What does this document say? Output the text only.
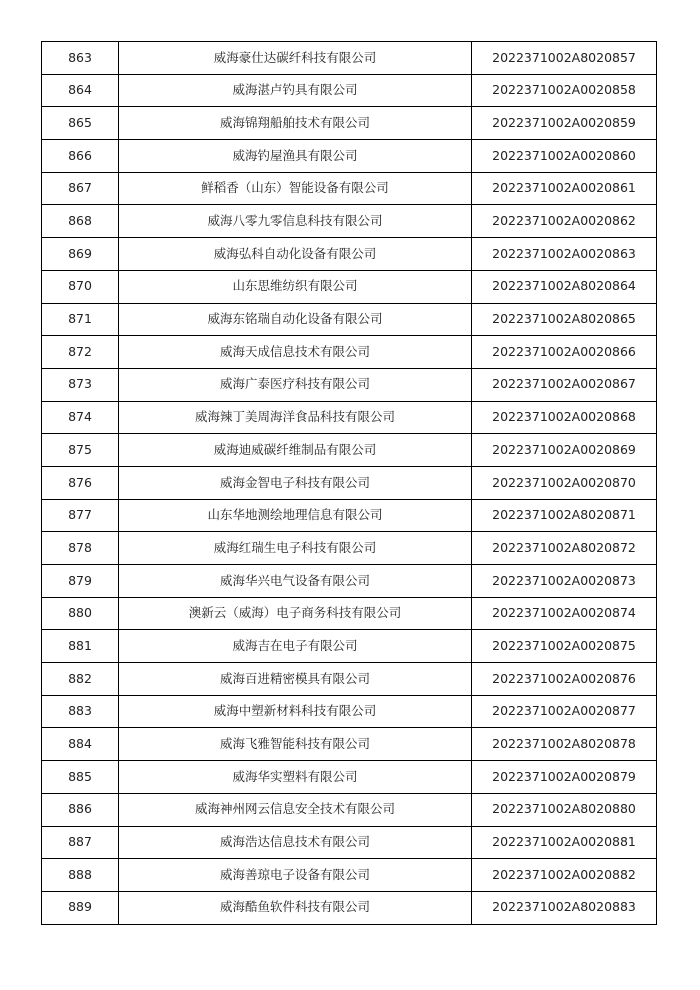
863	威海豪仕达碳纤科技有限公司	2022371002A8020857
864	威海湛卢钓具有限公司	2022371002A0020858
865	威海锦翔船舶技术有限公司	2022371002A0020859
866	威海钓屋渔具有限公司	2022371002A0020860
867	鲜稻香（山东）智能设备有限公司	2022371002A0020861
868	威海八零九零信息科技有限公司	2022371002A0020862
869	威海弘科自动化设备有限公司	2022371002A0020863
870	山东思维纺织有限公司	2022371002A8020864
871	威海东铭瑞自动化设备有限公司	2022371002A8020865
872	威海天成信息技术有限公司	2022371002A0020866
873	威海广泰医疗科技有限公司	2022371002A0020867
874	威海辣丁美周海洋食品科技有限公司	2022371002A0020868
875	威海迪威碳纤维制品有限公司	2022371002A0020869
876	威海金智电子科技有限公司	2022371002A0020870
877	山东华地测绘地理信息有限公司	2022371002A8020871
878	威海红瑞生电子科技有限公司	2022371002A8020872
879	威海华兴电气设备有限公司	2022371002A0020873
880	澳新云（威海）电子商务科技有限公司	2022371002A0020874
881	威海吉在电子有限公司	2022371002A0020875
882	威海百进精密模具有限公司	2022371002A0020876
883	威海中塑新材料科技有限公司	2022371002A0020877
884	威海飞雅智能科技有限公司	2022371002A8020878
885	威海华实塑料有限公司	2022371002A0020879
886	威海神州网云信息安全技术有限公司	2022371002A8020880
887	威海浩达信息技术有限公司	2022371002A0020881
888	威海善琼电子设备有限公司	2022371002A0020882
889	威海酷鱼软件科技有限公司	2022371002A8020883
